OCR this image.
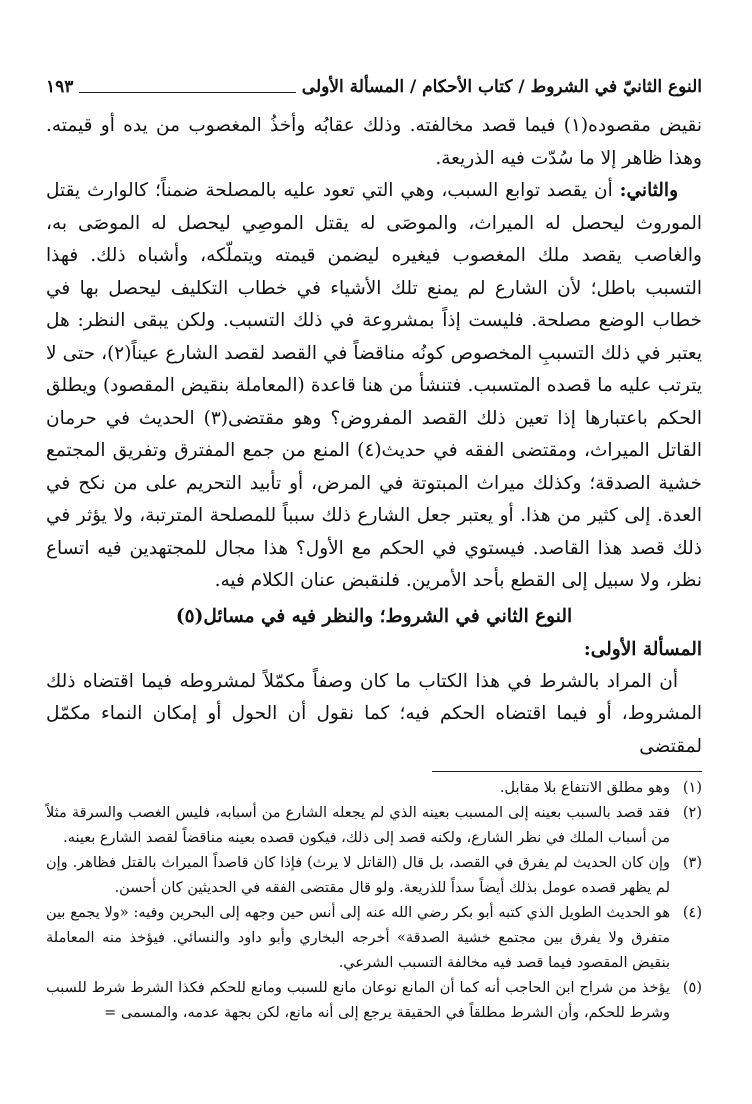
النوع الثانيّ في الشروط / كتاب الأحكام / المسألة الأولى
١٩٣

نقيض مقصوده(١) فيما قصد مخالفته. وذلك عقابُه وأخذُ المغصوب من يده أو قيمته. وهذا ظاهر إلا ما سُدّت فيه الذريعة.

والثاني: أن يقصد توابع السبب، وهي التي تعود عليه بالمصلحة ضمناً؛ كالوارث يقتل الموروث ليحصل له الميراث، والموصَى له يقتل الموصِي ليحصل له الموصَى به، والغاصب يقصد ملك المغصوب فيغيره ليضمن قيمته ويتملّكه، وأشباه ذلك. فهذا التسبب باطل؛ لأن الشارع لم يمنع تلك الأشياء في خطاب التكليف ليحصل بها في خطاب الوضع مصلحة. فليست إذاً بمشروعة في ذلك التسبب. ولكن يبقى النظر: هل يعتبر في ذلك التسببِ المخصوص كونُه مناقضاً في القصد لقصد الشارع عيناً(٢)، حتى لا يترتب عليه ما قصده المتسبب. فتنشأ من هنا قاعدة (المعاملة بنقيض المقصود) ويطلق الحكم باعتبارها إذا تعين ذلك القصد المفروض؟ وهو مقتضى(٣) الحديث في حرمان القاتل الميراث، ومقتضى الفقه في حديث(٤) المنع من جمع المفترق وتفريق المجتمع خشية الصدقة؛ وكذلك ميراث المبتوتة في المرض، أو تأبيد التحريم على من نكح في العدة. إلى كثير من هذا. أو يعتبر جعل الشارع ذلك سبباً للمصلحة المترتبة، ولا يؤثر في ذلك قصد هذا القاصد. فيستوي في الحكم مع الأول؟ هذا مجال للمجتهدين فيه اتساع نظر، ولا سبيل إلى القطع بأحد الأمرين. فلنقبض عنان الكلام فيه.

النوع الثاني في الشروط؛ والنظر فيه في مسائل(٥)
المسألة الأولى:

أن المراد بالشرط في هذا الكتاب ما كان وصفاً مكمّلاً لمشروطه فيما اقتضاه ذلك المشروط، أو فيما اقتضاه الحكم فيه؛ كما نقول أن الحول أو إمكان النماء مكمّل لمقتضى

(١)وهو مطلق الانتفاع بلا مقابل.

(٢)فقد قصد بالسبب بعينه إلى المسبب بعينه الذي لم يجعله الشارع من أسبابه، فليس الغصب والسرقة مثلاً من أسباب الملك في نظر الشارع، ولكنه قصد إلى ذلك، فيكون قصده بعينه مناقضاً لقصد الشارع بعينه.

(٣)وإن كان الحديث لم يفرق في القصد، بل قال (القاتل لا يرث) فإذا كان قاصداً الميراث بالقتل فظاهر. وإن لم يظهر قصده عومل بذلك أيضاً سداً للذريعة. ولو قال مقتضى الفقه في الحديثين كان أحسن.

(٤)هو الحديث الطويل الذي كتبه أبو بكر رضي الله عنه إلى أنس حين وجهه إلى البحرين وفيه: «ولا يجمع بين متفرق ولا يفرق بين مجتمع خشية الصدقة» أخرجه البخاري وأبو داود والنسائي. فيؤخذ منه المعاملة بنقيض المقصود فيما قصد فيه مخالفة التسبب الشرعي.

(٥)يؤخذ من شراح ابن الحاجب أنه كما أن المانع نوعان مانع للسبب ومانع للحكم فكذا الشرط شرط للسبب وشرط للحكم، وأن الشرط مطلقاً في الحقيقة يرجع إلى أنه مانع، لكن بجهة عدمه، والمسمى =
